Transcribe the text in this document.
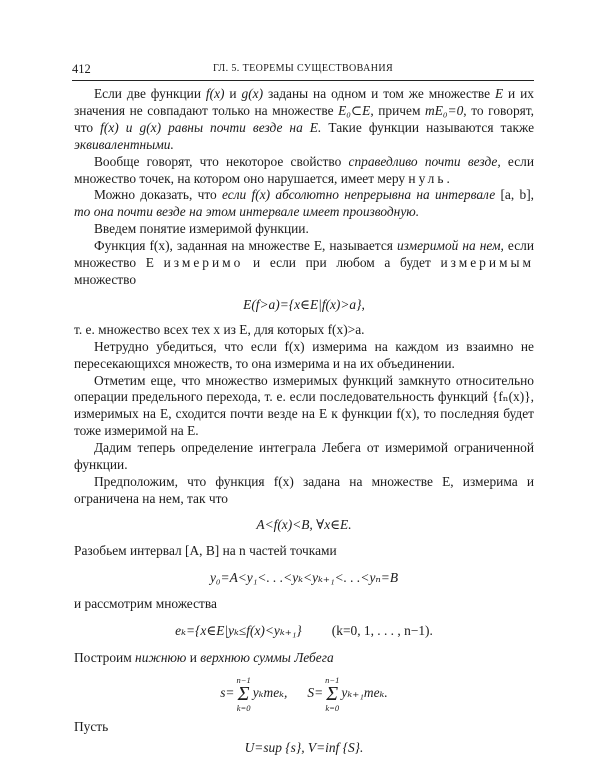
412	ГЛ. 5. ТЕОРЕМЫ СУЩЕСТВОВАНИЯ

Если две функции f(x) и g(x) заданы на одном и том же множестве E и их значения не совпадают только на множестве E₀⊂E, причем mE₀=0, то говорят, что f(x) и g(x) равны почти везде на E. Такие функции называются также эквивалентными.

Вообще говорят, что некоторое свойство справедливо почти везде, если множество точек, на котором оно нарушается, имеет меру нуль.

Можно доказать, что если f(x) абсолютно непрерывна на интервале [a, b], то она почти везде на этом интервале имеет производную.

Введем понятие измеримой функции.

Функция f(x), заданная на множестве E, называется измеримой на нем, если множество E измеримо и если при любом a будет измеримым множество

E(f>a)={x∈E|f(x)>a},

т. е. множество всех тех x из E, для которых f(x)>a.

Нетрудно убедиться, что если f(x) измерима на каждом из взаимно не пересекающихся множеств, то она измерима и на их объединении.

Отметим еще, что множество измеримых функций замкнуто относительно операции предельного перехода, т. е. если последовательность функций {fₙ(x)}, измеримых на E, сходится почти везде на E к функции f(x), то последняя будет тоже измеримой на E.

Дадим теперь определение интеграла Лебега от измеримой ограниченной функции.

Предположим, что функция f(x) задана на множестве E, измерима и ограничена на нем, так что

A<f(x)<B, ∀x∈E.

Разобьем интервал [A, B] на n частей точками

y₀=A<y₁<. . .<yₖ<yₖ₊₁<. . .<yₙ=B

и рассмотрим множества

eₖ={x∈E|yₖ≤f(x)<yₖ₊₁} (k=0, 1, . . . , n−1).

Построим нижнюю и верхнюю суммы Лебега

s=
n−1
Σ
k=0
yₖmeₖ, S=
n−1
Σ
k=0
yₖ₊₁meₖ.

Пусть

U=sup {s}, V=inf {S}.
